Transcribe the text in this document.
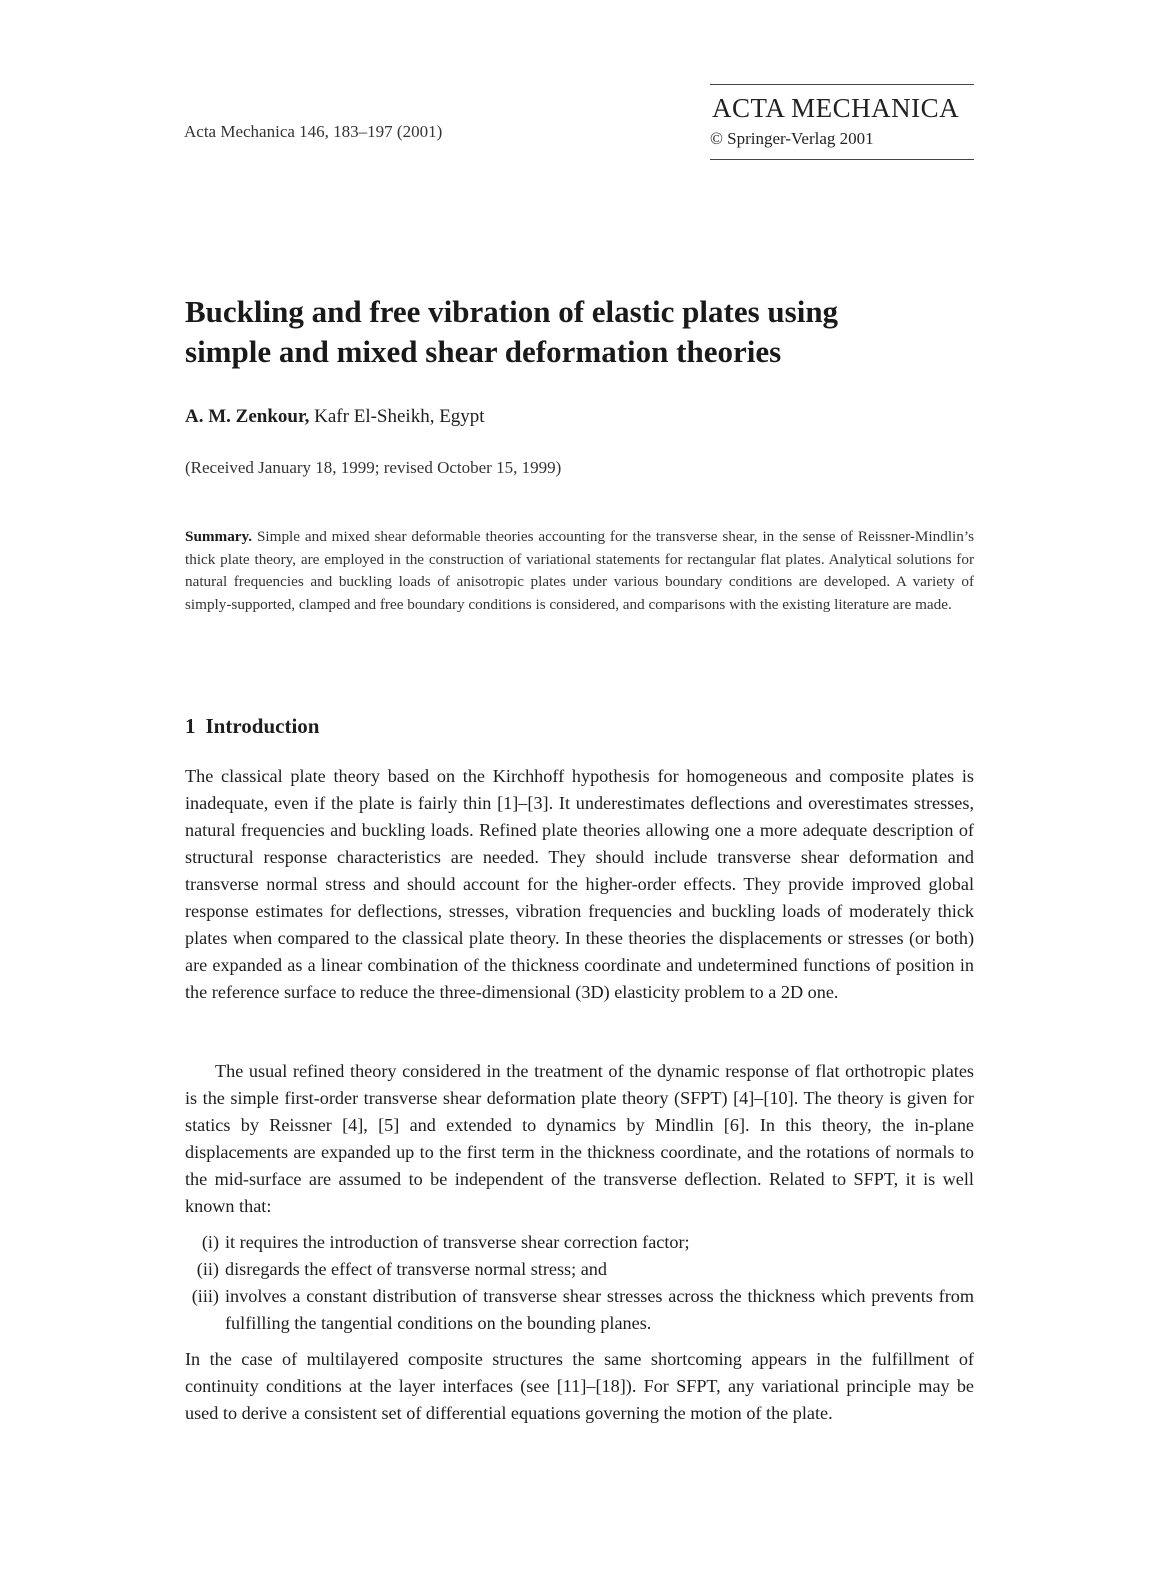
Acta Mechanica 146, 183–197 (2001)
ACTA MECHANICA
© Springer-Verlag 2001
Buckling and free vibration of elastic plates using
simple and mixed shear deformation theories
A. M. Zenkour, Kafr El-Sheikh, Egypt
(Received January 18, 1999; revised October 15, 1999)
Summary. Simple and mixed shear deformable theories accounting for the transverse shear, in the sense of Reissner-Mindlin’s thick plate theory, are employed in the construction of variational statements for rectangular flat plates. Analytical solutions for natural frequencies and buckling loads of anisotropic plates under various boundary conditions are developed. A variety of simply-supported, clamped and free boundary conditions is considered, and comparisons with the existing literature are made.
1 Introduction
The classical plate theory based on the Kirchhoff hypothesis for homogeneous and composite plates is inadequate, even if the plate is fairly thin [1]–[3]. It underestimates deflections and overestimates stresses, natural frequencies and buckling loads. Refined plate theories allowing one a more adequate description of structural response characteristics are needed. They should include transverse shear deformation and transverse normal stress and should account for the higher-order effects. They provide improved global response estimates for deflections, stresses, vibration frequencies and buckling loads of moderately thick plates when compared to the classical plate theory. In these theories the displacements or stresses (or both) are expanded as a linear combination of the thickness coordinate and undetermined functions of position in the reference surface to reduce the three-dimensional (3D) elasticity problem to a 2D one.
The usual refined theory considered in the treatment of the dynamic response of flat orthotropic plates is the simple first-order transverse shear deformation plate theory (SFPT) [4]–[10]. The theory is given for statics by Reissner [4], [5] and extended to dynamics by Mindlin [6]. In this theory, the in-plane displacements are expanded up to the first term in the thickness coordinate, and the rotations of normals to the mid-surface are assumed to be independent of the transverse deflection. Related to SFPT, it is well known that:
(i) it requires the introduction of transverse shear correction factor;
(ii) disregards the effect of transverse normal stress; and
(iii) involves a constant distribution of transverse shear stresses across the thickness which prevents from fulfilling the tangential conditions on the bounding planes.
In the case of multilayered composite structures the same shortcoming appears in the fulfillment of continuity conditions at the layer interfaces (see [11]–[18]). For SFPT, any variational principle may be used to derive a consistent set of differential equations governing the motion of the plate.
